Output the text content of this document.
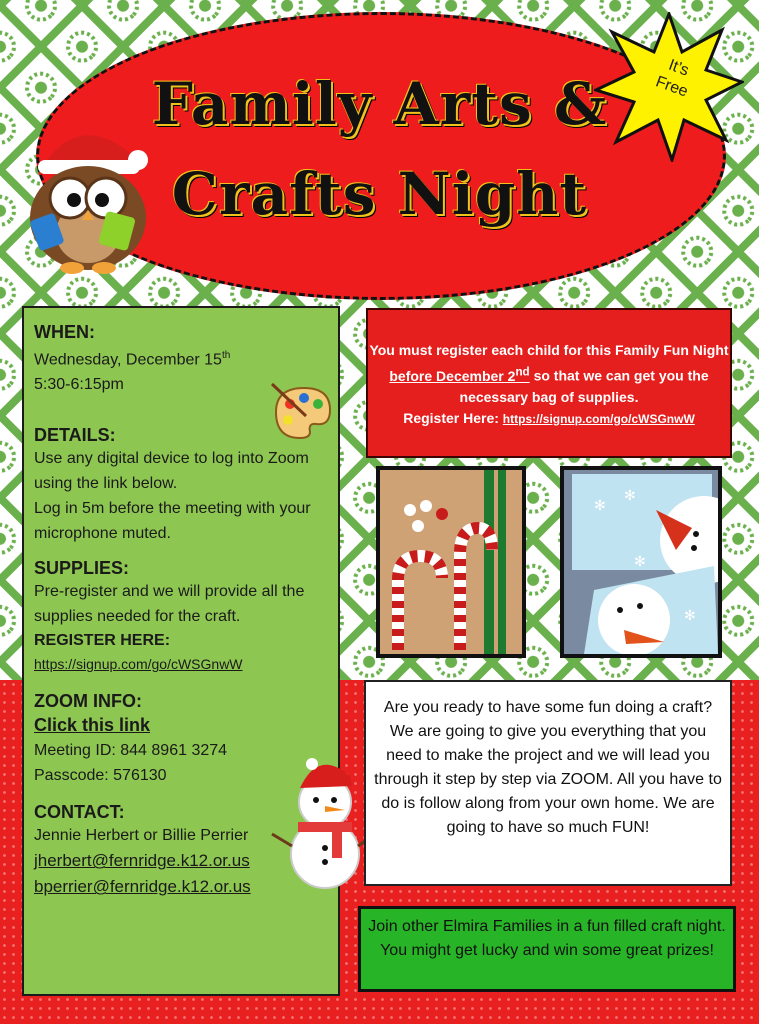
Family Arts &
Crafts Night
It’s
Free
WHEN:
Wednesday, December 15th
5:30-6:15pm
DETAILS:
Use any digital device to log into Zoom using the link below.
Log in 5m before the meeting with your microphone muted.
SUPPLIES:
Pre-register and we will provide all the supplies needed for the craft.
REGISTER HERE:
https://signup.com/go/cWSGnwW
ZOOM INFO:
Click this link
Meeting ID: 844 8961 3274
Passcode: 576130
CONTACT:
Jennie Herbert or Billie Perrier
jherbert@fernridge.k12.or.us
bperrier@fernridge.k12.or.us
You must register each child for this Family Fun Night before December 2nd so that we can get you the necessary bag of supplies.
Register Here: https://signup.com/go/cWSGnwW
✻
✻
✻
✻
Are you ready to have some fun doing a craft? We are going to give you everything that you need to make the project and we will lead you through it step by step via ZOOM. All you have to do is follow along from your own home. We are going to have so much FUN!
Join other Elmira Families in a fun filled craft night. You might get lucky and win some great prizes!
